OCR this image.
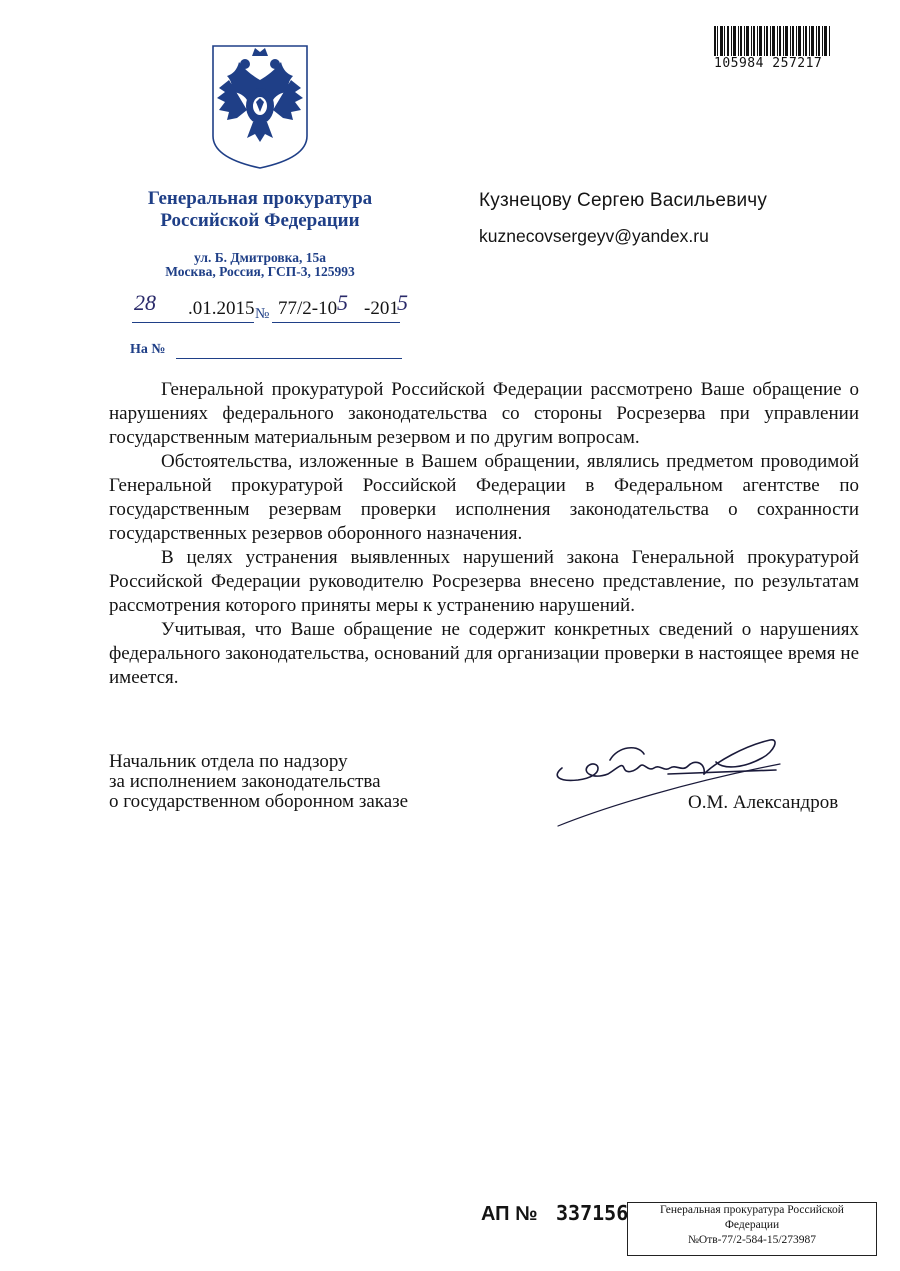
105984 257217
Генеральная прокуратура
Российской Федерации
ул. Б. Дмитровка, 15а
Москва, Россия, ГСП-3, 125993
Кузнецову Сергею Васильевичу
kuznecovsergeyv@yandex.ru
28 .01.2015 № 77/2-10 5 -201
5
На №

Генеральной прокуратурой Российской Федерации рассмотрено Ваше обращение о нарушениях федерального законодательства со стороны Росрезерва при управлении государственным материальным резервом и по другим вопросам.

Обстоятельства, изложенные в Вашем обращении, являлись предметом проводимой Генеральной прокуратурой Российской Федерации в Федеральном агентстве по государственным резервам проверки исполнения законодательства о сохранности государственных резервов оборонного назначения.

В целях устранения выявленных нарушений закона Генеральной прокуратурой Российской Федерации руководителю Росрезерва внесено представление, по результатам рассмотрения которого приняты меры к устранению нарушений.

Учитывая, что Ваше обращение не содержит конкретных сведений о нарушениях федерального законодательства, оснований для организации проверки в настоящее время не имеется.

Начальник отдела по надзору
за исполнением законодательства
о государственном оборонном заказе	О.М. Александров
АП № 337156	Генеральная прокуратура Российской
Федерации
№Отв-77/2-584-15/273987
